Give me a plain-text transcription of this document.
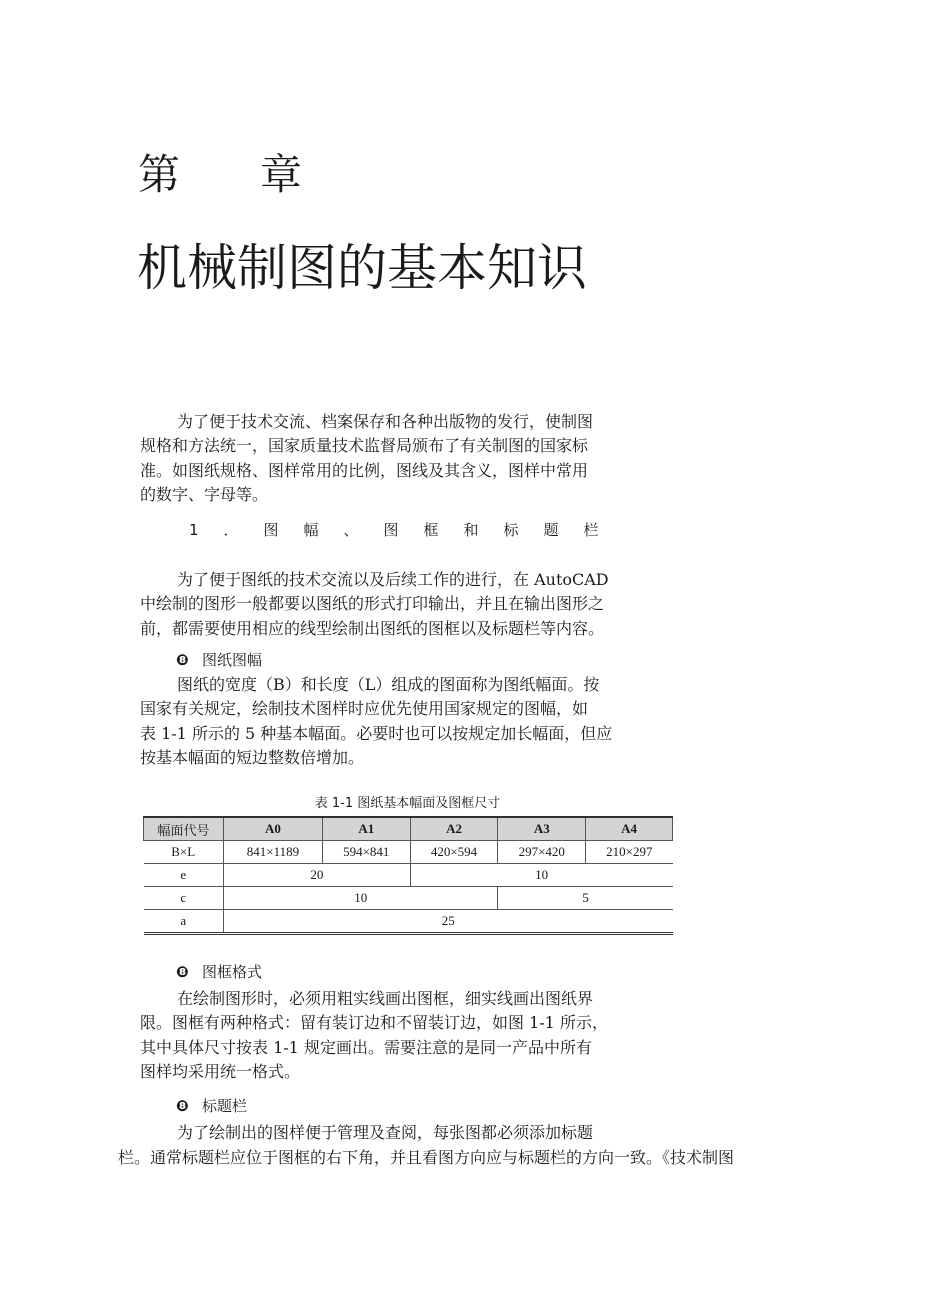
第 章
机械制图的基本知识
为了便于技术交流、档案保存和各种出版物的发行，使制图
规格和方法统一，国家质量技术监督局颁布了有关制图的国家标
准。如图纸规格、图样常用的比例，图线及其含义，图样中常用
的数字、字母等。
1．图幅、图框和标题栏
为了便于图纸的技术交流以及后续工作的进行，在 AutoCAD
中绘制的图形一般都要以图纸的形式打印输出，并且在输出图形之
前，都需要使用相应的线型绘制出图纸的图框以及标题栏等内容。
❽ 图纸图幅
图纸的宽度（B）和长度（L）组成的图面称为图纸幅面。按
国家有关规定，绘制技术图样时应优先使用国家规定的图幅，如
表 1-1 所示的 5 种基本幅面。必要时也可以按规定加长幅面，但应
按基本幅面的短边整数倍增加。
表 1-1 图纸基本幅面及图框尺寸
幅面代号	A0	A1	A2	A3	A4
B×L	841×1189	594×841	420×594	297×420	210×297
e	20		10		
c	10			5	
a	25				
❽ 图框格式
在绘制图形时，必须用粗实线画出图框，细实线画出图纸界
限。图框有两种格式：留有装订边和不留装订边，如图 1-1 所示，
其中具体尺寸按表 1-1 规定画出。需要注意的是同一产品中所有
图样均采用统一格式。
❽ 标题栏
为了绘制出的图样便于管理及查阅，每张图都必须添加标题
栏。通常标题栏应位于图框的右下角，并且看图方向应与标题栏的方向一致。《技术制图
